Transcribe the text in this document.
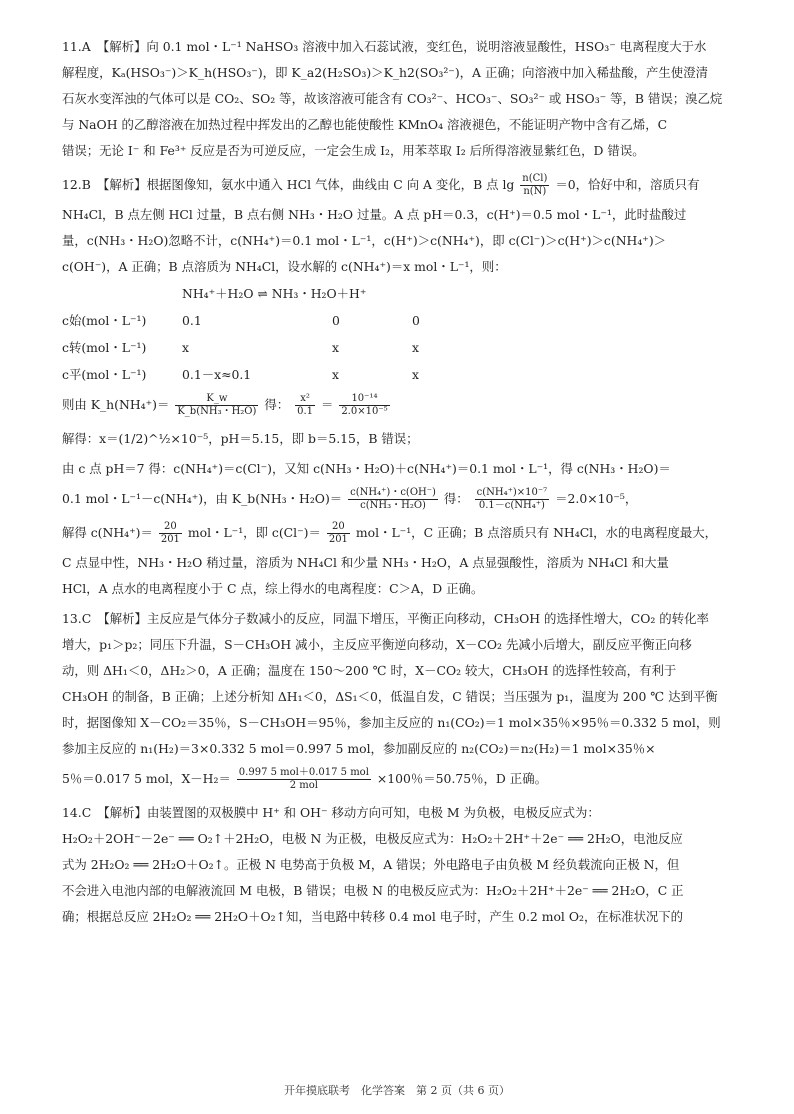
11.A　【解析】向 0.1 mol・L⁻¹ NaHSO₃ 溶液中加入石蕊试液，变红色，说明溶液显酸性，HSO₃⁻ 电离程度大于水

解程度，Kₐ(HSO₃⁻)＞K_h(HSO₃⁻)，即 K_a2(H₂SO₃)＞K_h2(SO₃²⁻)，A 正确；向溶液中加入稀盐酸，产生使澄清

石灰水变浑浊的气体可以是 CO₂、SO₂ 等，故该溶液可能含有 CO₃²⁻、HCO₃⁻、SO₃²⁻ 或 HSO₃⁻ 等，B 错误；溴乙烷

与 NaOH 的乙醇溶液在加热过程中挥发出的乙醇也能使酸性 KMnO₄ 溶液褪色，不能证明产物中含有乙烯，C

错误；无论 I⁻ 和 Fe³⁺ 反应是否为可逆反应，一定会生成 I₂，用苯萃取 I₂ 后所得溶液显紫红色，D 错误。

12.B　【解析】根据图像知，氨水中通入 HCl 气体，曲线由 C 向 A 变化，B 点 $\lg \frac{n(Cl)}{n(N)} =0$，恰好中和，溶质只有

NH₄Cl，B 点左侧 HCl 过量，B 点右侧 NH₃・H₂O 过量。A 点 pH＝0.3，c(H⁺)＝0.5 mol・L⁻¹，此时盐酸过

量，c(NH₃・H₂O)忽略不计，c(NH₄⁺)＝0.1 mol・L⁻¹，c(H⁺)＞c(NH₄⁺)，即 c(Cl⁻)＞c(H⁺)＞c(NH₄⁺)＞

c(OH⁻)，A 正确；B 点溶质为 NH₄Cl，设水解的 c(NH₄⁺)＝x mol・L⁻¹，则：

NH₄⁺＋H₂O ⇌ NH₃・H₂O＋H⁺
c始(mol・L⁻¹)	0.1	0	0
c转(mol・L⁻¹)	x	x	x
c平(mol・L⁻¹)	0.1－x≈0.1	x	x
则由 K_h(NH₄⁺)＝ $\frac{K\_w}{\text{K\_b(NH₃・H₂O)}}$ 得： $\frac{\text{x²}}{0.1} = \frac{\text{10⁻¹⁴}}{\text{2.0×10⁻⁵}}$
解得：x＝(1/2)^½×10⁻⁵，pH＝5.15，即 b＝5.15，B 错误；

由 c 点 pH＝7 得：c(NH₄⁺)＝c(Cl⁻)，又知 c(NH₃・H₂O)＋c(NH₄⁺)＝0.1 mol・L⁻¹，得 c(NH₃・H₂O)＝

0.1 mol・L⁻¹－c(NH₄⁺)，由 K_b(NH₃・$H_2O)= \frac{\text{c(NH₄⁺)・c(OH⁻)}}{\text{c(NH₃・H₂O)}}$ 得： $\frac{\text{c(NH₄⁺)×10⁻⁷}}{\text{0.1－c(NH₄⁺)}} =2.0\times 10^{-5}$，
解得 $c(NH_4^+)= \frac{20}{201}$ mol・L⁻¹，即 $c(Cl^-)= \frac{20}{201}$ mol・L⁻¹，C 正确；B 点溶质只有 NH₄Cl，水的电离程度最大，

C 点显中性，NH₃・H₂O 稍过量，溶质为 NH₄Cl 和少量 NH₃・H₂O，A 点显强酸性，溶质为 NH₄Cl 和大量

HCl，A 点水的电离程度小于 C 点，综上得水的电离程度：C＞A，D 正确。

13.C　【解析】主反应是气体分子数减小的反应，同温下增压，平衡正向移动，CH₃OH 的选择性增大，CO₂ 的转化率

增大，p₁＞p₂；同压下升温，S－CH₃OH 减小，主反应平衡逆向移动，X－CO₂ 先减小后增大，副反应平衡正向移

动，则 ΔH₁＜0，ΔH₂＞0，A 正确；温度在 150～200 ℃ 时，X－CO₂ 较大，CH₃OH 的选择性较高，有利于

CH₃OH 的制备，B 正确；上述分析知 ΔH₁＜0，ΔS₁＜0，低温自发，C 错误；当压强为 p₁，温度为 200 ℃ 达到平衡

时，据图像知 X－CO₂＝35％，S－CH₃OH＝95％，参加主反应的 n₁(CO₂)＝1 mol×35％×95％＝0.332 5 mol，则

参加主反应的 n₁(H₂)＝3×0.332 5 mol＝0.997 5 mol，参加副反应的 n₂(CO₂)＝n₂(H₂)＝1 mol×35％×

5％＝0.017 5 mol，$X-H_2= \frac{\text{0.997 5 mol＋0.017 5 mol}}{\text{2 mol}} \times 100$％＝50.75％，D 正确。

14.C　【解析】由装置图的双极膜中 H⁺ 和 OH⁻ 移动方向可知，电极 M 为负极，电极反应式为：

H₂O₂＋2OH⁻－2e⁻ ══ O₂↑＋2H₂O，电极 N 为正极，电极反应式为：H₂O₂＋2H⁺＋2e⁻ ══ 2H₂O，电池反应

式为 2H₂O₂ ══ 2H₂O＋O₂↑。正极 N 电势高于负极 M，A 错误；外电路电子由负极 M 经负载流向正极 N，但

不会进入电池内部的电解液流回 M 电极，B 错误；电极 N 的电极反应式为：H₂O₂＋2H⁺＋2e⁻ ══ 2H₂O，C 正

确；根据总反应 2H₂O₂ ══ 2H₂O＋O₂↑知，当电路中转移 0.4 mol 电子时，产生 0.2 mol O₂，在标准状况下的

开年摸底联考　化学答案　第 2 页（共 6 页）
